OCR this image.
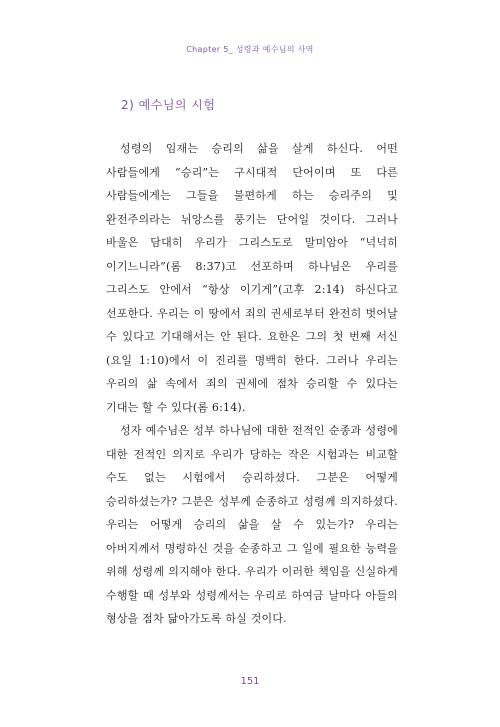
Chapter 5_ 성령과 예수님의 사역
2) 예수님의 시험

성령의 임재는 승리의 삶을 살게 하신다. 어떤 사람들에게 “승리”는 구시대적 단어이며 또 다른 사람들에게는 그들을 불편하게 하는 승리주의 및 완전주의라는 뉘앙스를 풍기는 단어일 것이다. 그러나 바울은 담대히 우리가 그리스도로 말미암아 “넉넉히 이기느니라”(롬 8:37)고 선포하며 하나님은 우리를 그리스도 안에서 “항상 이기게”(고후 2:14) 하신다고 선포한다. 우리는 이 땅에서 죄의 권세로부터 완전히 벗어날 수 있다고 기대해서는 안 된다. 요한은 그의 첫 번째 서신(요일 1:10)에서 이 진리를 명백히 한다. 그러나 우리는 우리의 삶 속에서 죄의 권세에 점차 승리할 수 있다는 기대는 할 수 있다(롬 6:14).

성자 예수님은 성부 하나님에 대한 전적인 순종과 성령에 대한 전적인 의지로 우리가 당하는 작은 시험과는 비교할 수도 없는 시험에서 승리하셨다. 그분은 어떻게 승리하셨는가? 그분은 성부께 순종하고 성령께 의지하셨다. 우리는 어떻게 승리의 삶을 살 수 있는가? 우리는 아버지께서 명령하신 것을 순종하고 그 일에 필요한 능력을 위해 성령께 의지해야 한다. 우리가 이러한 책임을 신실하게 수행할 때 성부와 성령께서는 우리로 하여금 날마다 아들의 형상을 점차 닮아가도록 하실 것이다.

151
